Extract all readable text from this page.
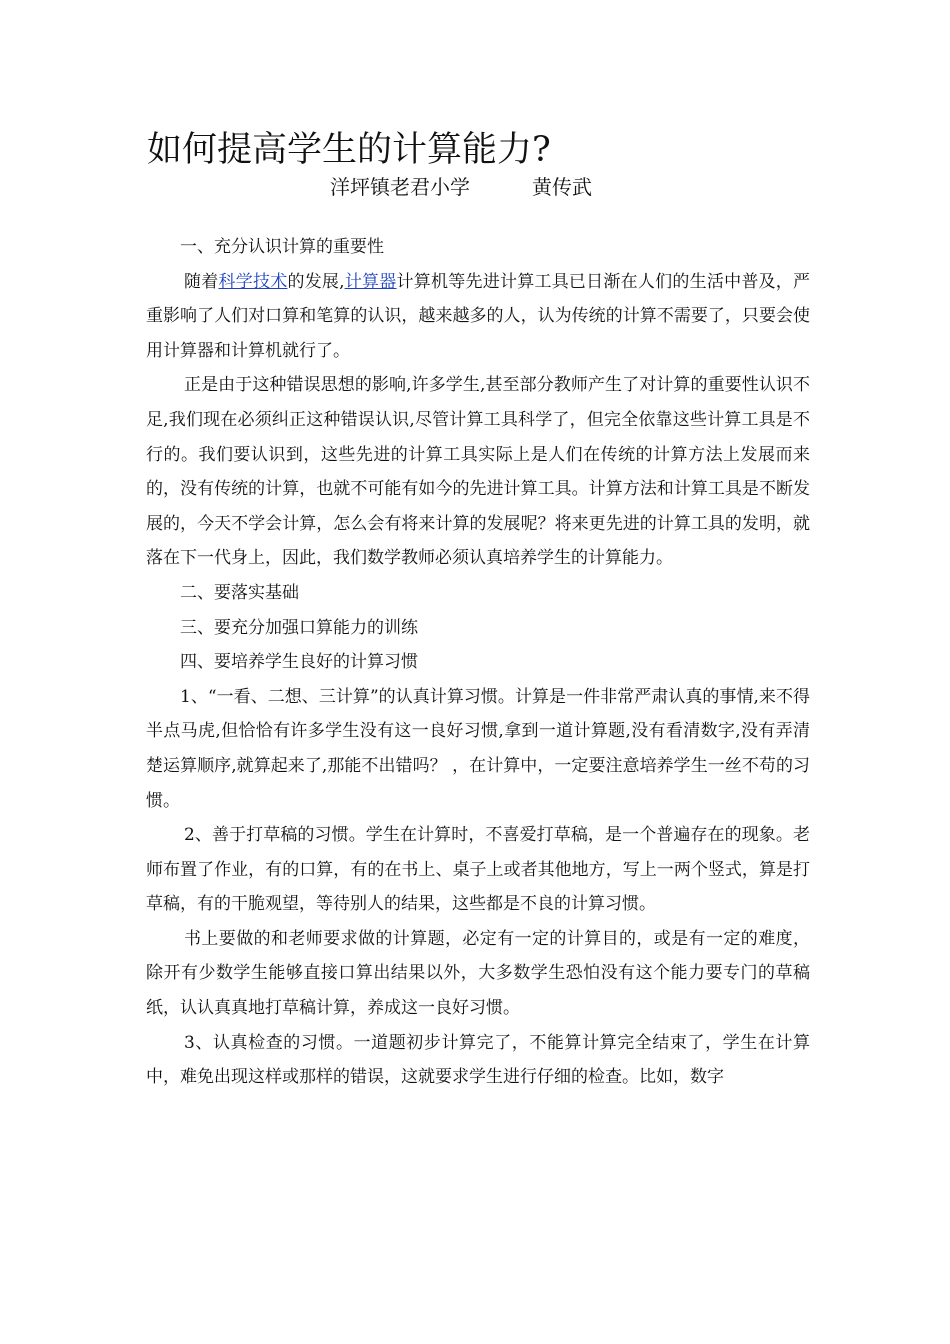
如何提高学生的计算能力?
洋坪镇老君小学	黄传武

一、充分认识计算的重要性

随着科学技术的发展,计算器计算机等先进计算工具已日渐在人们的生活中普及，严重影响了人们对口算和笔算的认识，越来越多的人，认为传统的计算不需要了，只要会使用计算器和计算机就行了。

正是由于这种错误思想的影响,许多学生,甚至部分教师产生了对计算的重要性认识不足,我们现在必须纠正这种错误认识,尽管计算工具科学了，但完全依靠这些计算工具是不行的。我们要认识到，这些先进的计算工具实际上是人们在传统的计算方法上发展而来的，没有传统的计算，也就不可能有如今的先进计算工具。计算方法和计算工具是不断发展的，今天不学会计算，怎么会有将来计算的发展呢？将来更先进的计算工具的发明，就落在下一代身上，因此，我们数学教师必须认真培养学生的计算能力。

二、要落实基础

三、要充分加强口算能力的训练

四、要培养学生良好的计算习惯

1、“一看、二想、三计算”的认真计算习惯。计算是一件非常严肃认真的事情,来不得半点马虎,但恰恰有许多学生没有这一良好习惯,拿到一道计算题,没有看清数字,没有弄清楚运算顺序,就算起来了,那能不出错吗？ ，在计算中，一定要注意培养学生一丝不苟的习惯。

2、善于打草稿的习惯。学生在计算时，不喜爱打草稿，是一个普遍存在的现象。老师布置了作业，有的口算，有的在书上、桌子上或者其他地方，写上一两个竖式，算是打草稿，有的干脆观望，等待别人的结果，这些都是不良的计算习惯。

书上要做的和老师要求做的计算题，必定有一定的计算目的，或是有一定的难度，除开有少数学生能够直接口算出结果以外，大多数学生恐怕没有这个能力要专门的草稿纸，认认真真地打草稿计算，养成这一良好习惯。

3、认真检查的习惯。一道题初步计算完了，不能算计算完全结束了，学生在计算中，难免出现这样或那样的错误，这就要求学生进行仔细的检查。比如，数字
